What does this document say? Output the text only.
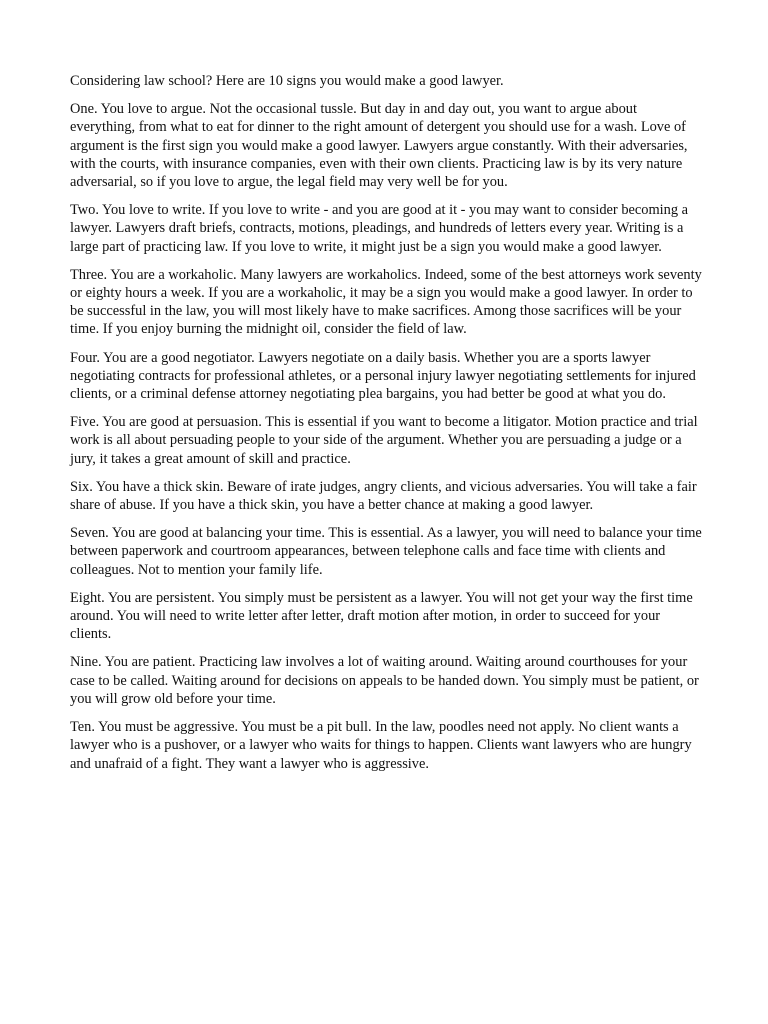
Considering law school? Here are 10 signs you would make a good lawyer.

One. You love to argue. Not the occasional tussle. But day in and day out, you want to argue about everything, from what to eat for dinner to the right amount of detergent you should use for a wash. Love of argument is the first sign you would make a good lawyer. Lawyers argue constantly. With their adversaries, with the courts, with insurance companies, even with their own clients. Practicing law is by its very nature adversarial, so if you love to argue, the legal field may very well be for you.

Two. You love to write. If you love to write - and you are good at it - you may want to consider becoming a lawyer. Lawyers draft briefs, contracts, motions, pleadings, and hundreds of letters every year. Writing is a large part of practicing law. If you love to write, it might just be a sign you would make a good lawyer.

Three. You are a workaholic. Many lawyers are workaholics. Indeed, some of the best attorneys work seventy or eighty hours a week. If you are a workaholic, it may be a sign you would make a good lawyer. In order to be successful in the law, you will most likely have to make sacrifices. Among those sacrifices will be your time. If you enjoy burning the midnight oil, consider the field of law.

Four. You are a good negotiator. Lawyers negotiate on a daily basis. Whether you are a sports lawyer negotiating contracts for professional athletes, or a personal injury lawyer negotiating settlements for injured clients, or a criminal defense attorney negotiating plea bargains, you had better be good at what you do.

Five. You are good at persuasion. This is essential if you want to become a litigator. Motion practice and trial work is all about persuading people to your side of the argument. Whether you are persuading a judge or a jury, it takes a great amount of skill and practice.

Six. You have a thick skin. Beware of irate judges, angry clients, and vicious adversaries. You will take a fair share of abuse. If you have a thick skin, you have a better chance at making a good lawyer.

Seven. You are good at balancing your time. This is essential. As a lawyer, you will need to balance your time between paperwork and courtroom appearances, between telephone calls and face time with clients and colleagues. Not to mention your family life.

Eight. You are persistent. You simply must be persistent as a lawyer. You will not get your way the first time around. You will need to write letter after letter, draft motion after motion, in order to succeed for your clients.

Nine. You are patient. Practicing law involves a lot of waiting around. Waiting around courthouses for your case to be called. Waiting around for decisions on appeals to be handed down. You simply must be patient, or you will grow old before your time.

Ten. You must be aggressive. You must be a pit bull. In the law, poodles need not apply. No client wants a lawyer who is a pushover, or a lawyer who waits for things to happen. Clients want lawyers who are hungry and unafraid of a fight. They want a lawyer who is aggressive.
